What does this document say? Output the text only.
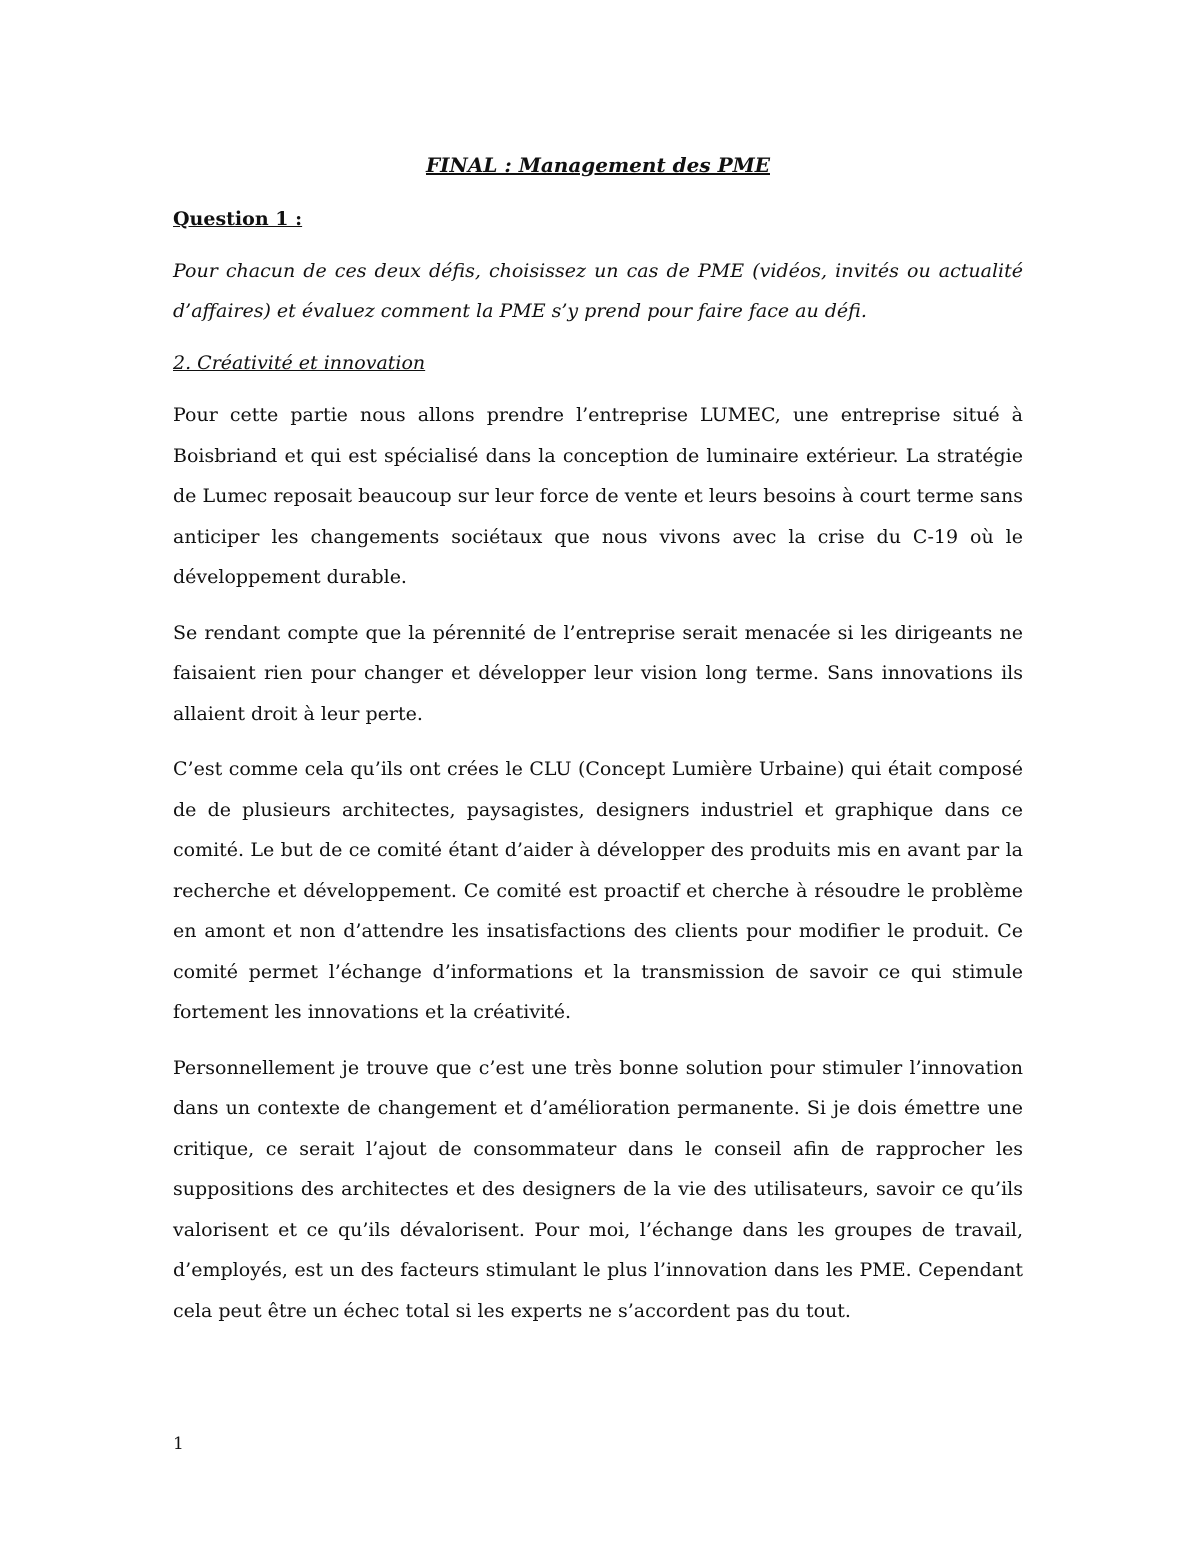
FINAL : Management des PME
Question 1 :

Pour chacun de ces deux défis, choisissez un cas de PME (vidéos, invités ou actualité d’affaires) et évaluez comment la PME s’y prend pour faire face au défi.

2. Créativité et innovation

Pour cette partie nous allons prendre l’entreprise LUMEC, une entreprise situé à Boisbriand et qui est spécialisé dans la conception de luminaire extérieur. La stratégie de Lumec reposait beaucoup sur leur force de vente et leurs besoins à court terme sans anticiper les changements sociétaux que nous vivons avec la crise du C-19 où le développement durable.

Se rendant compte que la pérennité de l’entreprise serait menacée si les dirigeants ne faisaient rien pour changer et développer leur vision long terme. Sans innovations ils allaient droit à leur perte.

C’est comme cela qu’ils ont crées le CLU (Concept Lumière Urbaine) qui était composé de de plusieurs architectes, paysagistes, designers industriel et graphique dans ce comité. Le but de ce comité étant d’aider à développer des produits mis en avant par la recherche et développement. Ce comité est proactif et cherche à résoudre le problème en amont et non d’attendre les insatisfactions des clients pour modifier le produit. Ce comité permet l’échange d’informations et la transmission de savoir ce qui stimule fortement les innovations et la créativité.

Personnellement je trouve que c’est une très bonne solution pour stimuler l’innovation dans un contexte de changement et d’amélioration permanente. Si je dois émettre une critique, ce serait l’ajout de consommateur dans le conseil afin de rapprocher les suppositions des architectes et des designers de la vie des utilisateurs, savoir ce qu’ils valorisent et ce qu’ils dévalorisent. Pour moi, l’échange dans les groupes de travail, d’employés, est un des facteurs stimulant le plus l’innovation dans les PME. Cependant cela peut être un échec total si les experts ne s’accordent pas du tout.

1
